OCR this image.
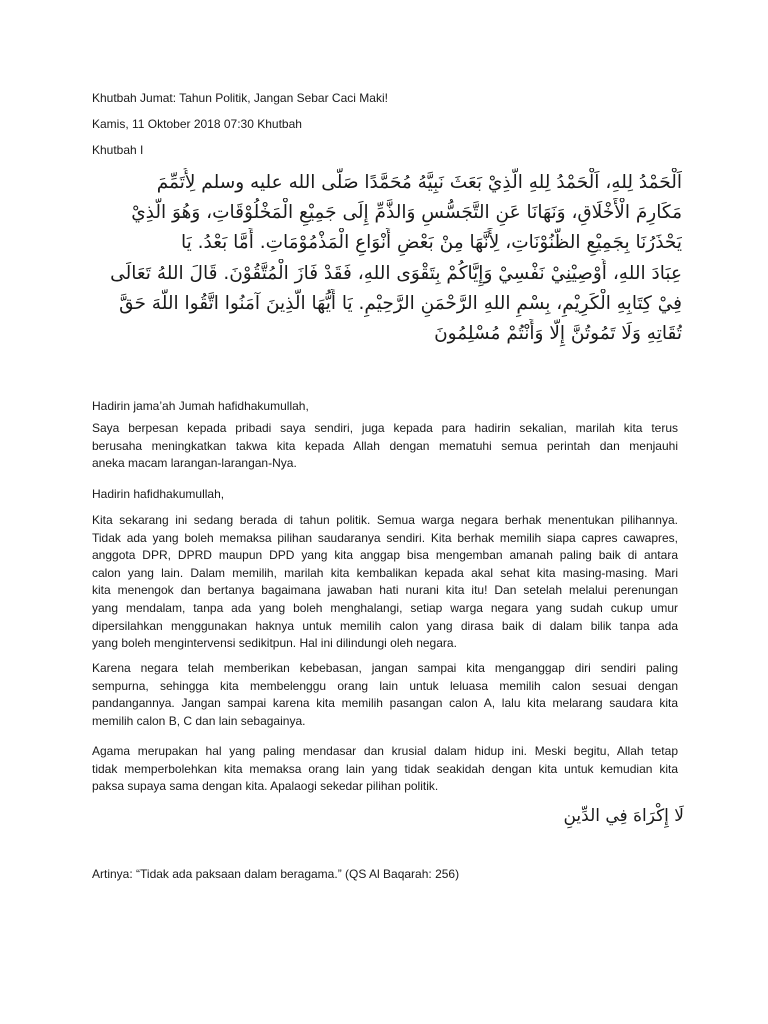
Khutbah Jumat: Tahun Politik, Jangan Sebar Caci Maki!
Kamis, 11 Oktober 2018 07:30 Khutbah
Khutbah I
اَلْحَمْدُ لِلهِ، اَلْحَمْدُ لِلهِ الَّذِيْ بَعَثَ نَبِيَّهُ مُحَمَّدًا صَلَّى الله عليه وسلم لِأُتَمِّمَ
مَكَارِمَ الْأَخْلَاقِ، وَنَهَانَا عَنِ التَّجَسُّسِ وَالذَّمِّ إِلَى جَمِيْعِ الْمَخْلُوْقَاتِ، وَهُوَ الَّذِيْ
يَحْذَرُنَا بِجَمِيْعِ الظُّنُوْنَاتِ، لِأَنَّهَا مِنْ بَعْضِ أَنْوَاعِ الْمَذْمُوْمَاتِ. أَمَّا بَعْدُ. يَا
عِبَادَ اللهِ، أُوْصِيْنِيْ نَفْسِيْ وَإِيَّاكُمْ بِتَقْوَى اللهِ، فَقَدْ فَازَ الْمُتَّقُوْنَ. قَالَ اللهُ تَعَالَى
فِيْ كِتَابِهِ الْكَرِيْمِ، بِسْمِ اللهِ الرَّحْمَنِ الرَّحِيْمِ. يَا أَيُّهَا الَّذِينَ آمَنُوا اتَّقُوا اللَّهَ حَقَّ
تُقَاتِهِ وَلَا تَمُوتُنَّ إِلَّا وَأَنْتُمْ مُسْلِمُونَ
Hadirin jama’ah Jumah hafidhakumullah,
Saya berpesan kepada pribadi saya sendiri, juga kepada para hadirin sekalian, marilah kita terus
berusaha meningkatkan takwa kita kepada Allah dengan mematuhi semua perintah dan menjauhi
aneka macam larangan-larangan-Nya.
Hadirin hafidhakumullah,
Kita sekarang ini sedang berada di tahun politik. Semua warga negara berhak menentukan pilihannya.
Tidak ada yang boleh memaksa pilihan saudaranya sendiri. Kita berhak memilih siapa capres cawapres,
anggota DPR, DPRD maupun DPD yang kita anggap bisa mengemban amanah paling baik di antara
calon yang lain. Dalam memilih, marilah kita kembalikan kepada akal sehat kita masing-masing. Mari
kita menengok dan bertanya bagaimana jawaban hati nurani kita itu! Dan setelah melalui perenungan
yang mendalam, tanpa ada yang boleh menghalangi, setiap warga negara yang sudah cukup umur
dipersilahkan menggunakan haknya untuk memilih calon yang dirasa baik di dalam bilik tanpa ada
yang boleh mengintervensi sedikitpun. Hal ini dilindungi oleh negara.
Karena negara telah memberikan kebebasan, jangan sampai kita menganggap diri sendiri paling
sempurna, sehingga kita membelenggu orang lain untuk leluasa memilih calon sesuai dengan
pandangannya. Jangan sampai karena kita memilih pasangan calon A, lalu kita melarang saudara kita
memilih calon B, C dan lain sebagainya.
Agama merupakan hal yang paling mendasar dan krusial dalam hidup ini. Meski begitu, Allah tetap
tidak memperbolehkan kita memaksa orang lain yang tidak seakidah dengan kita untuk kemudian kita
paksa supaya sama dengan kita. Apalaogi sekedar pilihan politik.
لَا إِكْرَاهَ فِي الدِّينِ
Artinya: “Tidak ada paksaan dalam beragama.” (QS Al Baqarah: 256)
